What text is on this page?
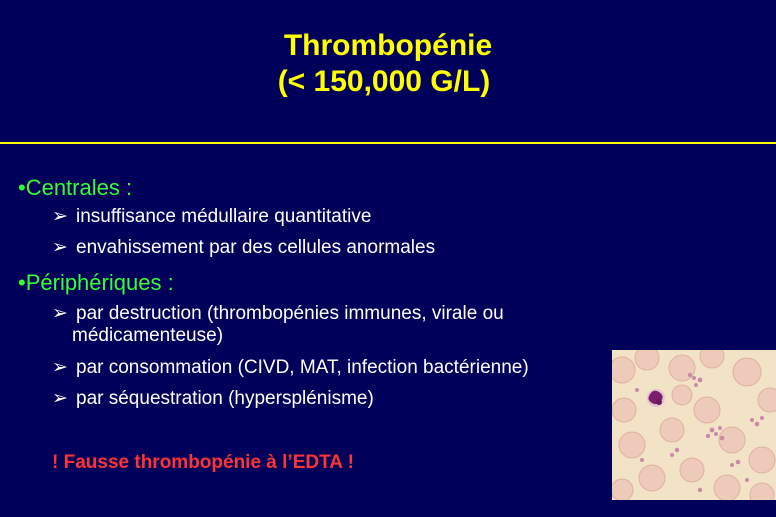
Thrombopénie
(< 150,000 G/L)
•Centrales :
➢ insuffisance médullaire quantitative
➢ envahissement par des cellules anormales
•Périphériques :
➢ par destruction (thrombopénies immunes, virale ou
médicamenteuse)
➢ par consommation (CIVD, MAT, infection bactérienne)
➢ par séquestration (hypersplénisme)
! Fausse thrombopénie à l’EDTA !
